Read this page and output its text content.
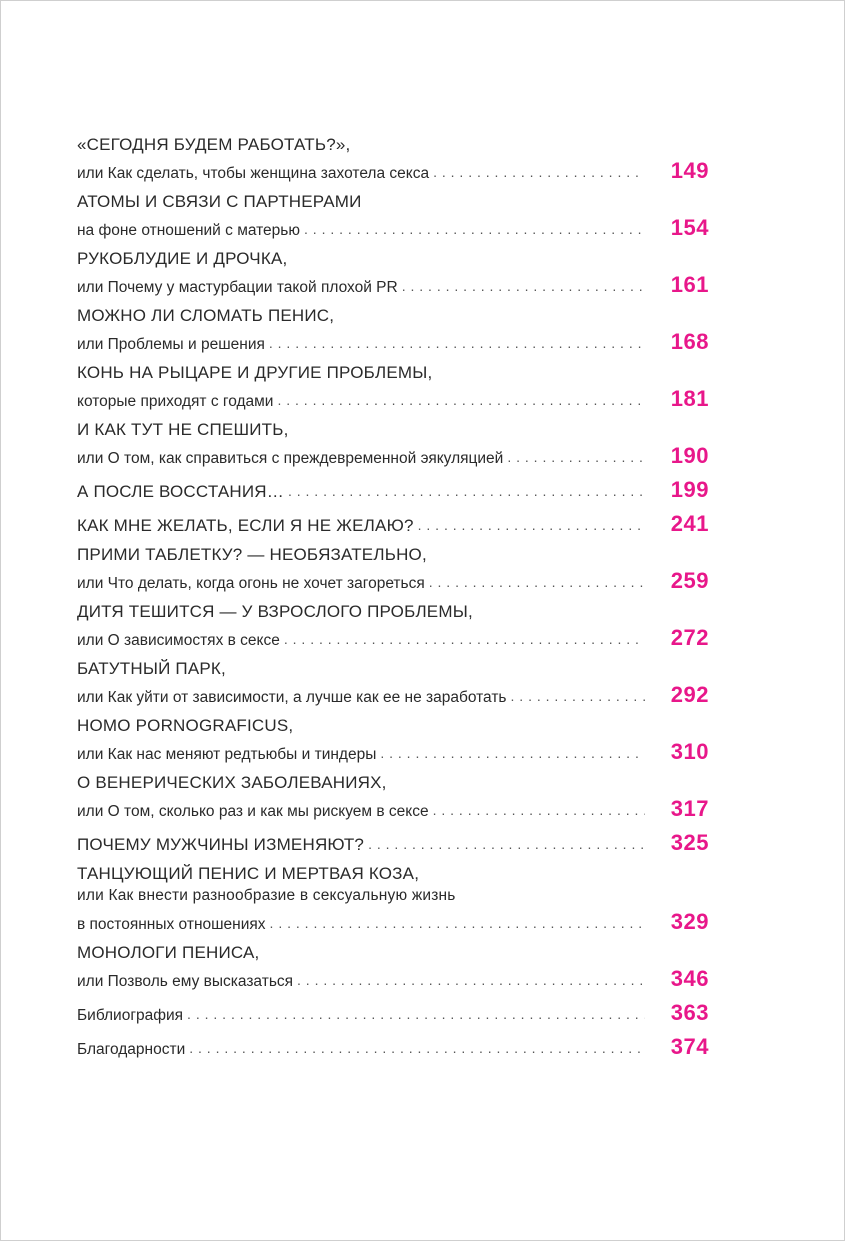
«СЕГОДНЯ БУДЕМ РАБОТАТЬ?»,
или Как сделать, чтобы женщина захотела секса . . .	149
АТОМЫ И СВЯЗИ С ПАРТНЕРАМИ
на фоне отношений с матерью . . .	154
РУКОБЛУДИЕ И ДРОЧКА,
или Почему у мастурбации такой плохой PR . . .	161
МОЖНО ЛИ СЛОМАТЬ ПЕНИС,
или Проблемы и решения . . .	168
КОНЬ НА РЫЦАРЕ И ДРУГИЕ ПРОБЛЕМЫ,
которые приходят с годами . . .	181
И КАК ТУТ НЕ СПЕШИТЬ,
или О том, как справиться с преждевременной эякуляцией . . .	190
А ПОСЛЕ ВОССТАНИЯ… . . .	199
КАК МНЕ ЖЕЛАТЬ, ЕСЛИ Я НЕ ЖЕЛАЮ? . . .	241
ПРИМИ ТАБЛЕТКУ? — НЕОБЯЗАТЕЛЬНО,
или Что делать, когда огонь не хочет загореться . . .	259
ДИТЯ ТЕШИТСЯ — У ВЗРОСЛОГО ПРОБЛЕМЫ,
или О зависимостях в сексе . . .	272
БАТУТНЫЙ ПАРК,
или Как уйти от зависимости, а лучше как ее не заработать . . .	292
HOMO PORNOGRAFICUS,
или Как нас меняют редтьюбы и тиндеры . . .	310
О ВЕНЕРИЧЕСКИХ ЗАБОЛЕВАНИЯХ,
или О том, сколько раз и как мы рискуем в сексе . . .	317
ПОЧЕМУ МУЖЧИНЫ ИЗМЕНЯЮТ? . . .	325
ТАНЦУЮЩИЙ ПЕНИС И МЕРТВАЯ КОЗА,
или Как внести разнообразие в сексуальную жизнь
в постоянных отношениях . . .	329
МОНОЛОГИ ПЕНИСА,
или Позволь ему высказаться . . .	346
Библиография . . .	363
Благодарности . . .	374
